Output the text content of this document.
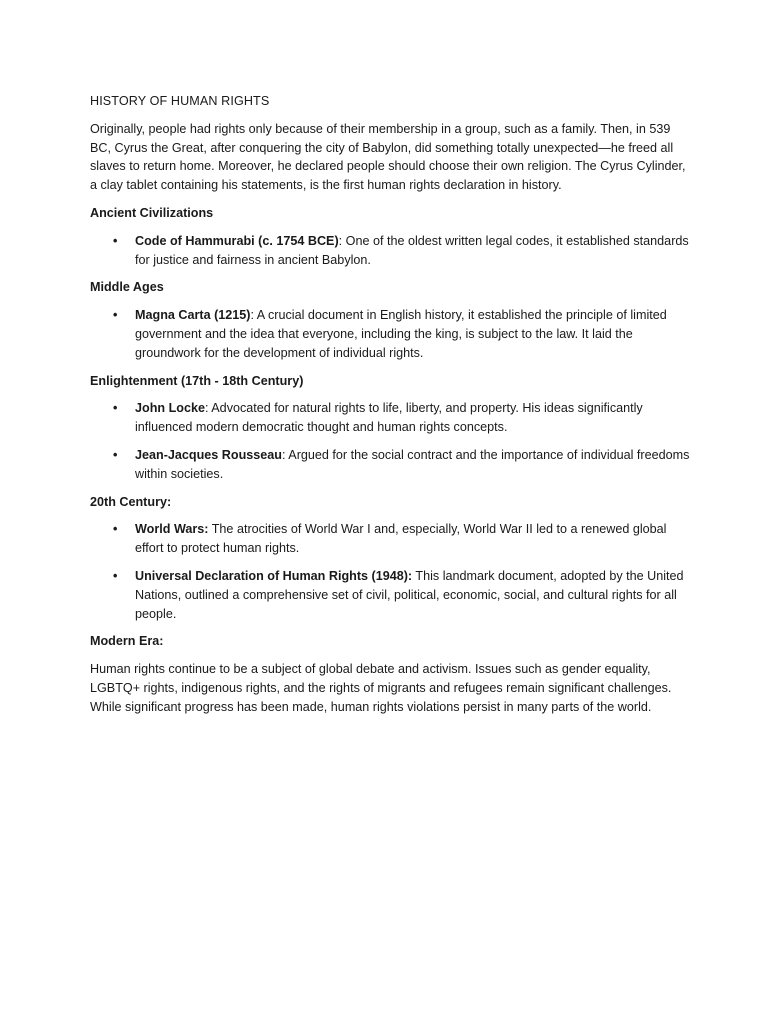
HISTORY OF HUMAN RIGHTS

Originally, people had rights only because of their membership in a group, such as a family. Then, in 539 BC, Cyrus the Great, after conquering the city of Babylon, did something totally unexpected—he freed all slaves to return home. Moreover, he declared people should choose their own religion. The Cyrus Cylinder, a clay tablet containing his statements, is the first human rights declaration in history.

Ancient Civilizations

• Code of Hammurabi (c. 1754 BCE): One of the oldest written legal codes, it established standards for justice and fairness in ancient Babylon.

Middle Ages

• Magna Carta (1215): A crucial document in English history, it established the principle of limited government and the idea that everyone, including the king, is subject to the law. It laid the groundwork for the development of individual rights.

Enlightenment (17th - 18th Century)

• John Locke: Advocated for natural rights to life, liberty, and property. His ideas significantly influenced modern democratic thought and human rights concepts.
• Jean-Jacques Rousseau: Argued for the social contract and the importance of individual freedoms within societies.

20th Century:

• World Wars: The atrocities of World War I and, especially, World War II led to a renewed global effort to protect human rights.
• Universal Declaration of Human Rights (1948): This landmark document, adopted by the United Nations, outlined a comprehensive set of civil, political, economic, social, and cultural rights for all people.

Modern Era:

Human rights continue to be a subject of global debate and activism. Issues such as gender equality, LGBTQ+ rights, indigenous rights, and the rights of migrants and refugees remain significant challenges. While significant progress has been made, human rights violations persist in many parts of the world.
